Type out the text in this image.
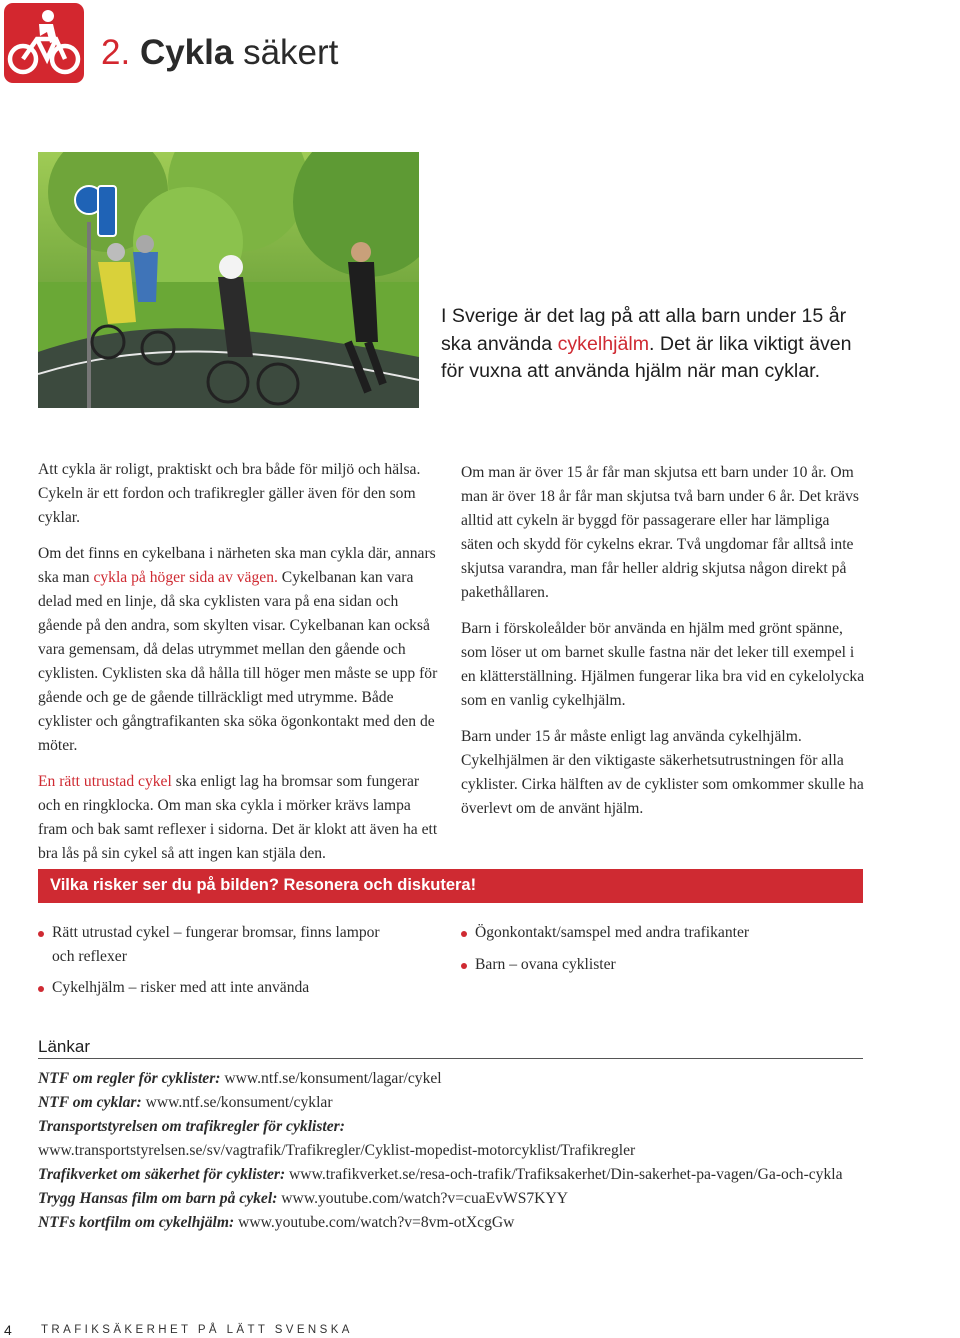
2. Cykla säkert
I Sverige är det lag på att alla barn under 15 år ska använda cykelhjälm. Det är lika viktigt även för vuxna att använda hjälm när man cyklar.

Att cykla är roligt, praktiskt och bra både för miljö och hälsa. Cykeln är ett fordon och trafikregler gäller även för den som cyklar.

Om det finns en cykelbana i närheten ska man cykla där, annars ska man cykla på höger sida av vägen. Cykelbanan kan vara delad med en linje, då ska cyklisten vara på ena sidan och gående på den andra, som skylten visar. Cykelbanan kan också vara gemensam, då delas utrymmet mellan den gående och cyklisten. Cyklisten ska då hålla till höger men måste se upp för gående och ge de gående tillräckligt med utrymme. Både cyklister och gångtrafikanten ska söka ögonkontakt med den de möter.

En rätt utrustad cykel ska enligt lag ha bromsar som fungerar och en ringklocka. Om man ska cykla i mörker krävs lampa fram och bak samt reflexer i sidorna. Det är klokt att även ha ett bra lås på sin cykel så att ingen kan stjäla den.

Om man är över 15 år får man skjutsa ett barn under 10 år. Om man är över 18 år får man skjutsa två barn under 6 år. Det krävs alltid att cykeln är byggd för passagerare eller har lämpliga säten och skydd för cykelns ekrar. Två ungdomar får alltså inte skjutsa varandra, man får heller aldrig skjutsa någon direkt på pakethållaren.

Barn i förskoleålder bör använda en hjälm med grönt spänne, som löser ut om barnet skulle fastna när det leker till exempel i en klätterställning. Hjälmen fungerar lika bra vid en cykelolycka som en vanlig cykelhjälm.

Barn under 15 år måste enligt lag använda cykelhjälm. Cykelhjälmen är den viktigaste säkerhetsutrustningen för alla cyklister. Cirka hälften av de cyklister som omkommer skulle ha överlevt om de använt hjälm.

Vilka risker ser du på bilden? Resonera och diskutera!
Rätt utrustad cykel – fungerar bromsar, finns lampor och reflexer
Cykelhjälm – risker med att inte använda
Ögonkontakt/samspel med andra trafikanter
Barn – ovana cyklister
Länkar
NTF om regler för cyklister: www.ntf.se/konsument/lagar/cykel
NTF om cyklar: www.ntf.se/konsument/cyklar
Transportstyrelsen om trafikregler för cyklister:
www.transportstyrelsen.se/sv/vagtrafik/Trafikregler/Cyklist-mopedist-motorcyklist/Trafikregler
Trafikverket om säkerhet för cyklister: www.trafikverket.se/resa-och-trafik/Trafiksakerhet/Din-sakerhet-pa-vagen/Ga-och-cykla
Trygg Hansas film om barn på cykel: www.youtube.com/watch?v=cuaEvWS7KYY
NTFs kortfilm om cykelhjälm: www.youtube.com/watch?v=8vm-otXcgGw
4	TRAFIKSÄKERHET PÅ LÄTT SVENSKA
